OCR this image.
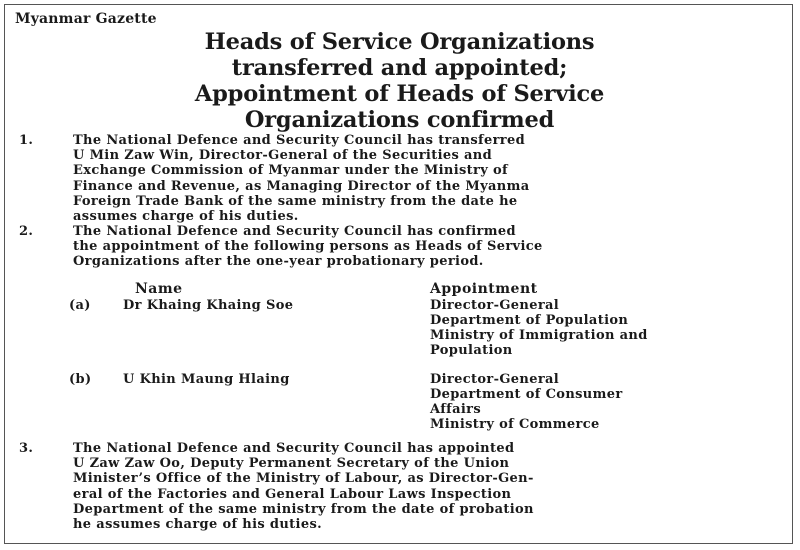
Myanmar Gazette
Heads of Service Organizations
transferred and appointed;
Appointment of Heads of Service
Organizations confirmed
1.	The National Defence and Security Council has transferred
U Min Zaw Win, Director-General of the Securities and
Exchange Commission of Myanmar under the Ministry of
Finance and Revenue, as Managing Director of the Myanma
Foreign Trade Bank of the same ministry from the date he
assumes charge of his duties.
2.	The National Defence and Security Council has confirmed
the appointment of the following persons as Heads of Service
Organizations after the one-year probationary period.
Name	Appointment
(a) Dr Khaing Khaing Soe	Director-General
Department of Population
Ministry of Immigration and
Population
(b) U Khin Maung Hlaing	Director-General
Department of Consumer
Affairs
Ministry of Commerce
3.	The National Defence and Security Council has appointed
U Zaw Zaw Oo, Deputy Permanent Secretary of the Union
Minister’s Office of the Ministry of Labour, as Director-Gen-
eral of the Factories and General Labour Laws Inspection
Department of the same ministry from the date of probation
he assumes charge of his duties.
